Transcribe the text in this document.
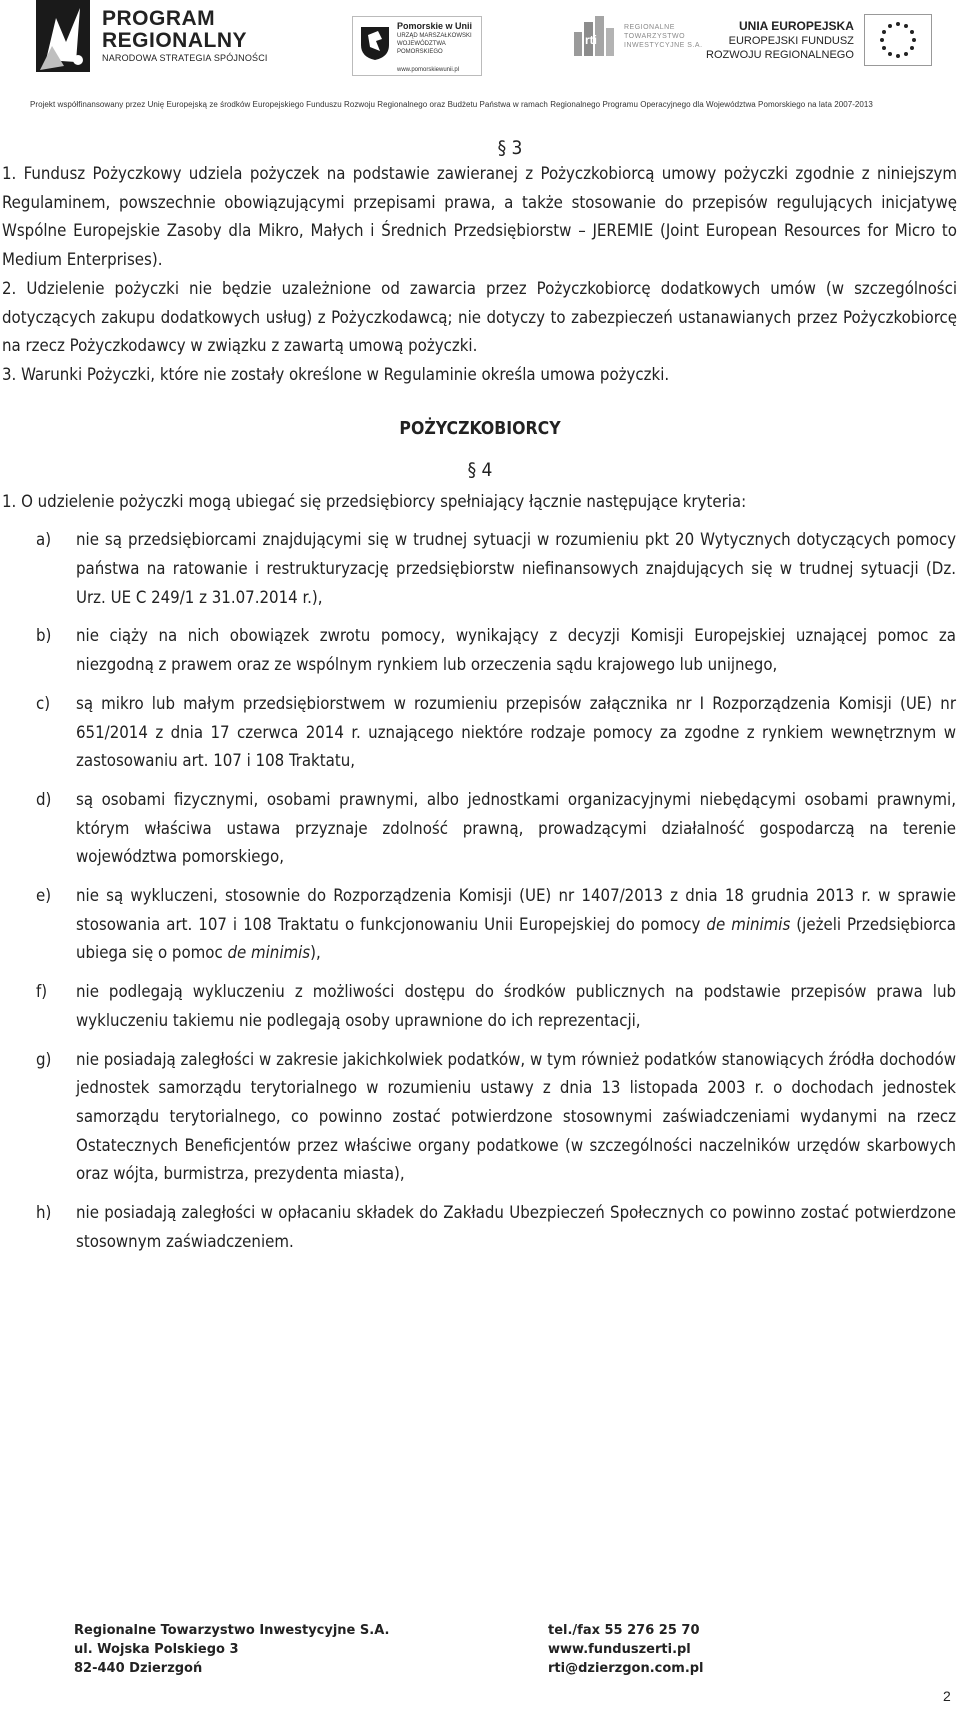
PROGRAM
REGIONALNY
NARODOWA STRATEGIA SPÓJNOŚCI
Pomorskie w Unii
URZĄD MARSZAŁKOWSKI
WOJEWÓDZTWA POMORSKIEGO
www.pomorskiewunii.pl
rti
REGIONALNE
TOWARZYSTWO
INWESTYCYJNE S.A.
UNIA EUROPEJSKA
EUROPEJSKI FUNDUSZ
ROZWOJU REGIONALNEGO
Projekt współfinansowany przez Unię Europejską ze środków Europejskiego Funduszu Rozwoju Regionalnego oraz Budżetu Państwa w ramach Regionalnego Programu Operacyjnego dla Województwa Pomorskiego na lata 2007-2013
§ 3

1. Fundusz Pożyczkowy udziela pożyczek na podstawie zawieranej z Pożyczkobiorcą umowy pożyczki zgodnie z niniejszym Regulaminem, powszechnie obowiązującymi przepisami prawa, a także stosowanie do przepisów regulujących inicjatywę Wspólne Europejskie Zasoby dla Mikro, Małych i Średnich Przedsiębiorstw – JEREMIE (Joint European Resources for Micro to Medium Enterprises).

2. Udzielenie pożyczki nie będzie uzależnione od zawarcia przez Pożyczkobiorcę dodatkowych umów (w szczególności dotyczących zakupu dodatkowych usług) z Pożyczkodawcą; nie dotyczy to zabezpieczeń ustanawianych przez Pożyczkobiorcę na rzecz Pożyczkodawcy w związku z zawartą umową pożyczki.

3. Warunki Pożyczki, które nie zostały określone w Regulaminie określa umowa pożyczki.

POŻYCZKOBIORCY
§ 4

1. O udzielenie pożyczki mogą ubiegać się przedsiębiorcy spełniający łącznie następujące kryteria:

a)	nie są przedsiębiorcami znajdującymi się w trudnej sytuacji w rozumieniu pkt 20 Wytycznych dotyczących pomocy państwa na ratowanie i restrukturyzację przedsiębiorstw niefinansowych znajdujących się w trudnej sytuacji (Dz. Urz. UE C 249/1 z 31.07.2014 r.),
b)	nie ciąży na nich obowiązek zwrotu pomocy, wynikający z decyzji Komisji Europejskiej uznającej pomoc za niezgodną z prawem oraz ze wspólnym rynkiem lub orzeczenia sądu krajowego lub unijnego,
c)	są mikro lub małym przedsiębiorstwem w rozumieniu przepisów załącznika nr I Rozporządzenia Komisji (UE) nr 651/2014 z dnia 17 czerwca 2014 r. uznającego niektóre rodzaje pomocy za zgodne z rynkiem wewnętrznym w zastosowaniu art. 107 i 108 Traktatu,
d)	są osobami fizycznymi, osobami prawnymi, albo jednostkami organizacyjnymi niebędącymi osobami prawnymi, którym właściwa ustawa przyznaje zdolność prawną, prowadzącymi działalność gospodarczą na terenie województwa pomorskiego,
e)	nie są wykluczeni, stosownie do Rozporządzenia Komisji (UE) nr 1407/2013 z dnia 18 grudnia 2013 r. w sprawie stosowania art. 107 i 108 Traktatu o funkcjonowaniu Unii Europejskiej do pomocy de minimis (jeżeli Przedsiębiorca ubiega się o pomoc de minimis),
f)	nie podlegają wykluczeniu z możliwości dostępu do środków publicznych na podstawie przepisów prawa lub wykluczeniu takiemu nie podlegają osoby uprawnione do ich reprezentacji,
g)	nie posiadają zaległości w zakresie jakichkolwiek podatków, w tym również podatków stanowiących źródła dochodów jednostek samorządu terytorialnego w rozumieniu ustawy z dnia 13 listopada 2003 r. o dochodach jednostek samorządu terytorialnego, co powinno zostać potwierdzone stosownymi zaświadczeniami wydanymi na rzecz Ostatecznych Beneficjentów przez właściwe organy podatkowe (w szczególności naczelników urzędów skarbowych oraz wójta, burmistrza, prezydenta miasta),
h)	nie posiadają zaległości w opłacaniu składek do Zakładu Ubezpieczeń Społecznych co powinno zostać potwierdzone stosownym zaświadczeniem.
Regionalne Towarzystwo Inwestycyjne S.A.
ul. Wojska Polskiego 3
82-440 Dzierzgoń
tel./fax 55 276 25 70
www.funduszerti.pl
rti@dzierzgon.com.pl
2
